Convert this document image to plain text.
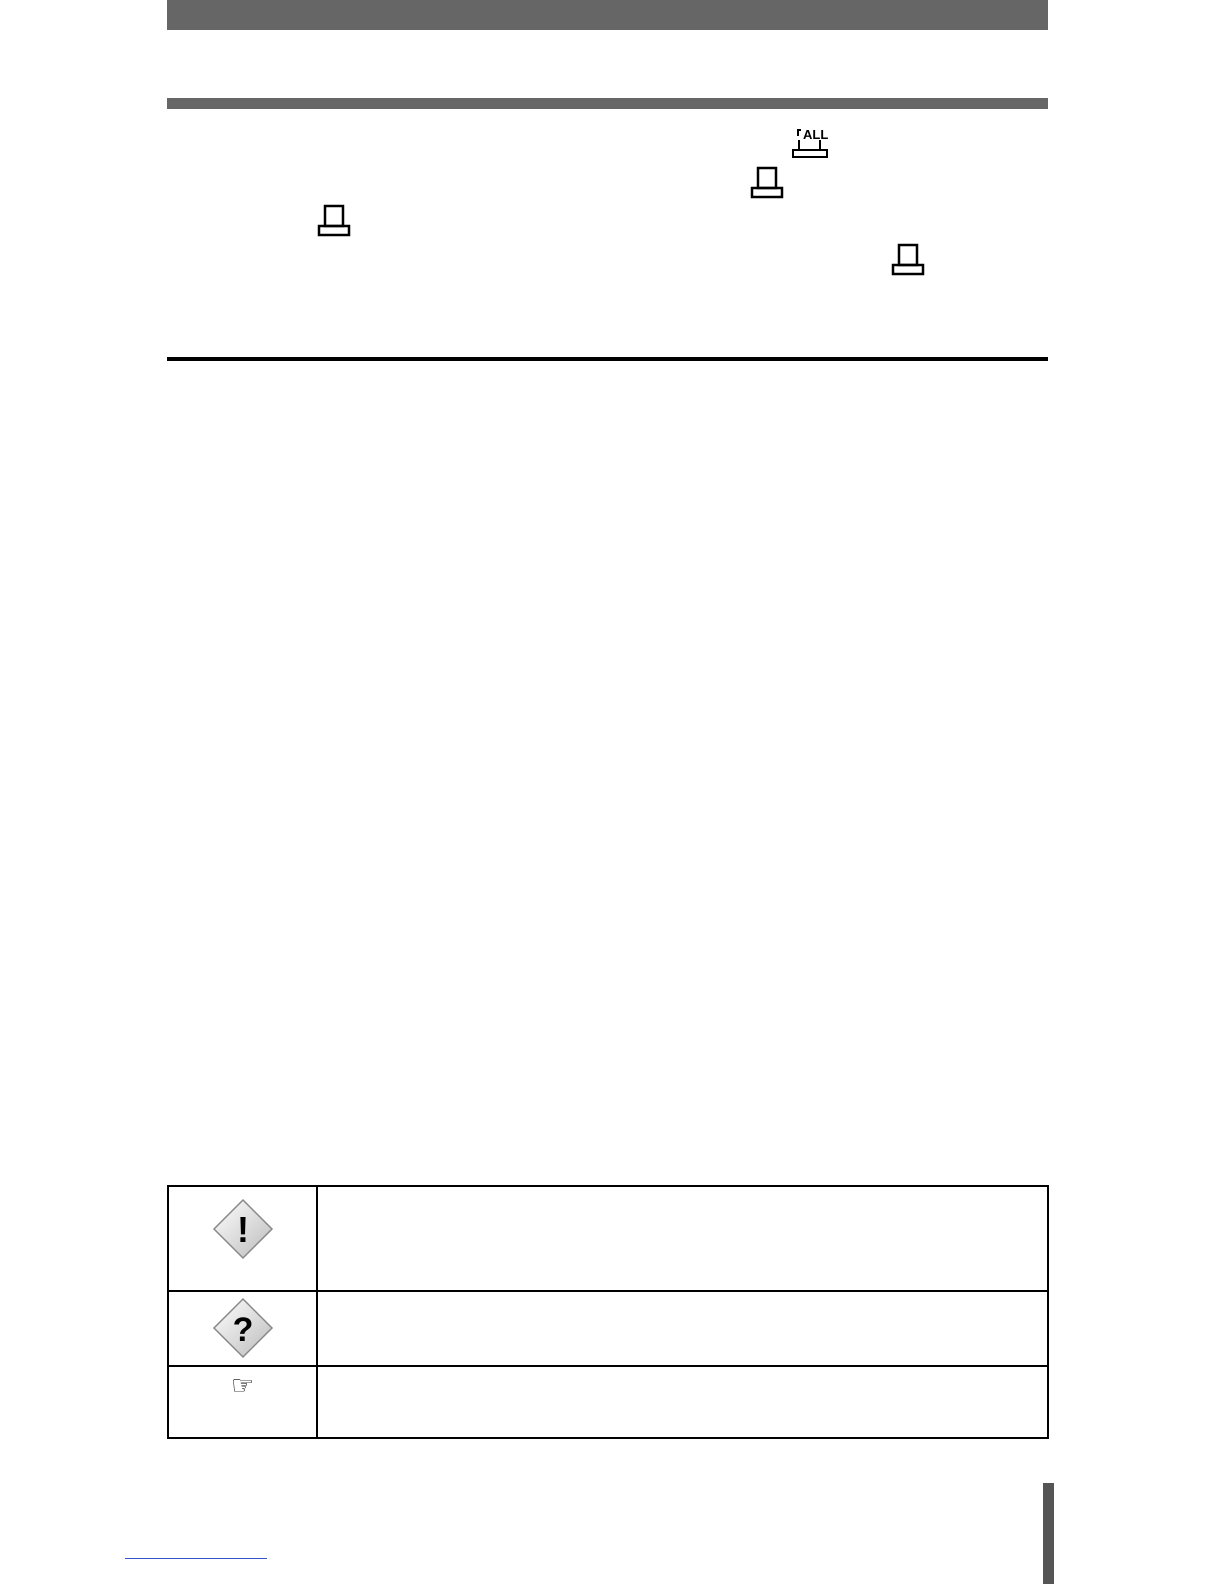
ALL
!	

?	

☞	
